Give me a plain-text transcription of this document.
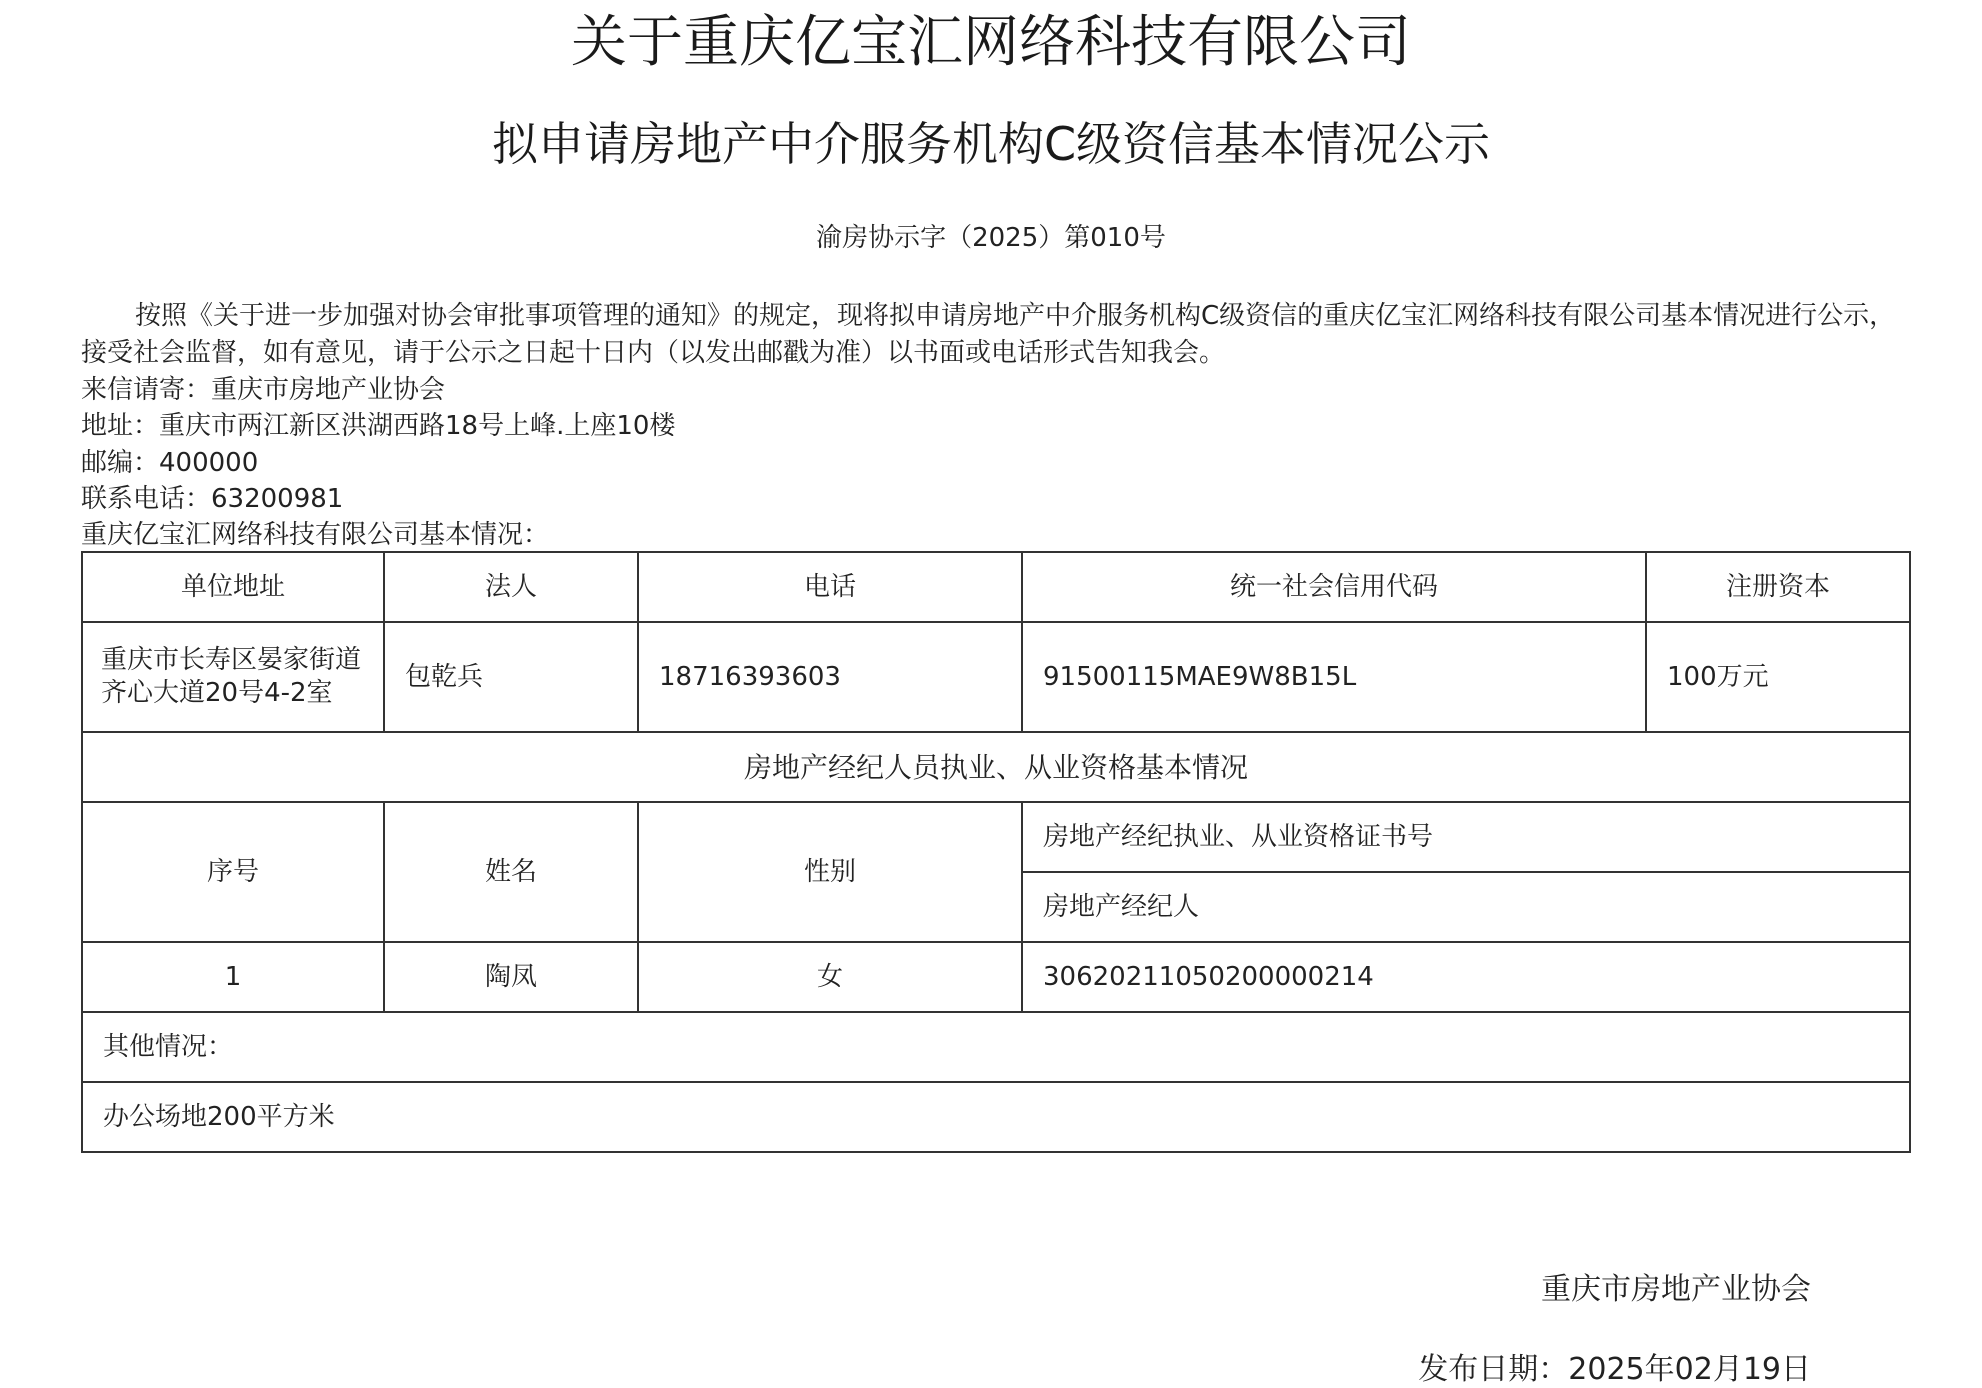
关于重庆亿宝汇网络科技有限公司
拟申请房地产中介服务机构C级资信基本情况公示
渝房协示字（2025）第010号
按照《关于进一步加强对协会审批事项管理的通知》的规定，现将拟申请房地产中介服务机构C级资信的重庆亿宝汇网络科技有限公司基本情况进行公示，接受社会监督，如有意见，请于公示之日起十日内（以发出邮戳为准）以书面或电话形式告知我会。
来信请寄：重庆市房地产业协会
地址：重庆市两江新区洪湖西路18号上峰.上座10楼
邮编：400000
联系电话：63200981
重庆亿宝汇网络科技有限公司基本情况：
单位地址	法人	电话	统一社会信用代码	注册资本
重庆市长寿区晏家街道齐心大道20号4-2室	包乾兵	18716393603	91500115MAE9W8B15L	100万元
房地产经纪人员执业、从业资格基本情况				
序号	姓名	性别	房地产经纪执业、从业资格证书号	
			房地产经纪人	
1	陶凤	女	30620211050200000214	
其他情况：				
办公场地200平方米				
重庆市房地产业协会
发布日期：2025年02月19日
